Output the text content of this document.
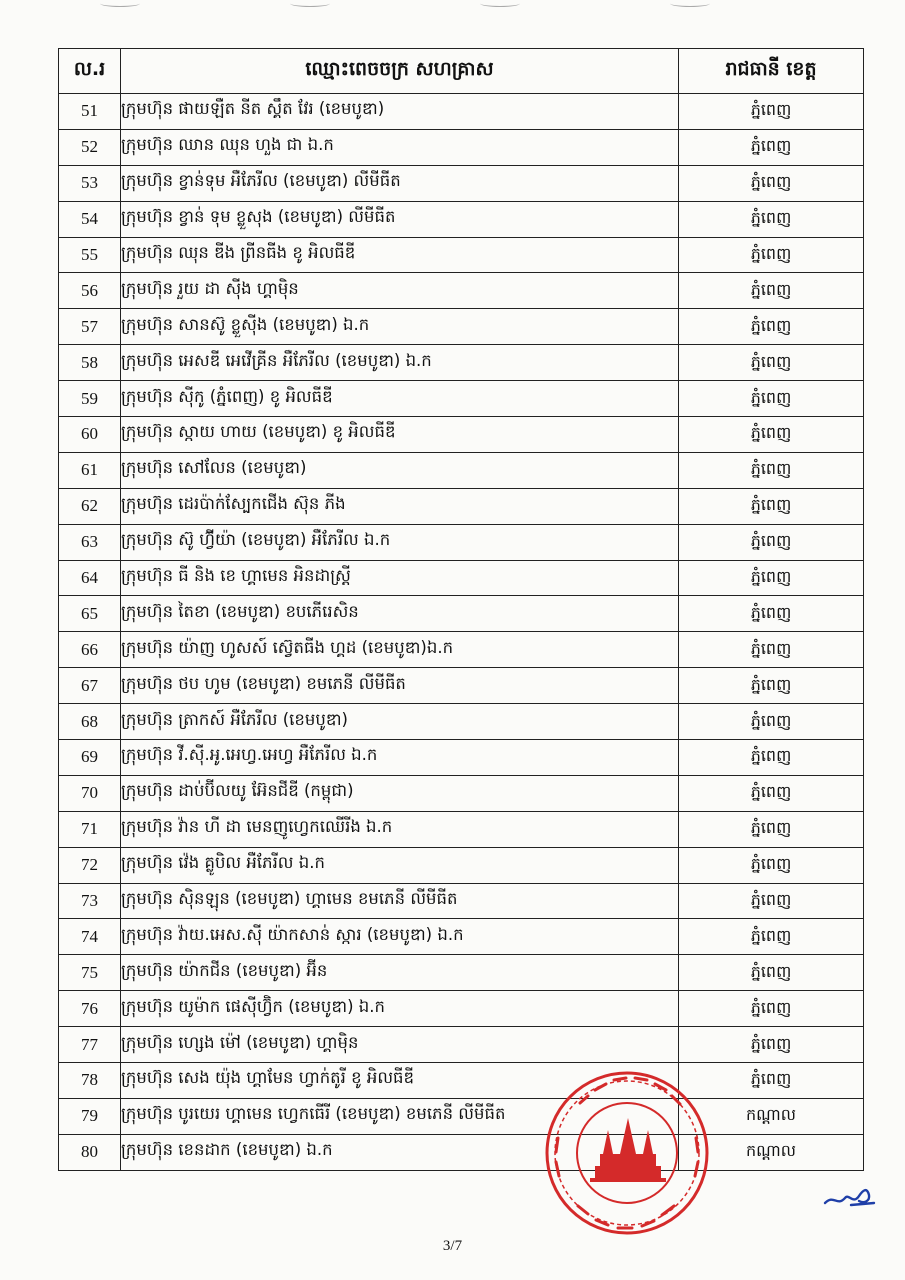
ល.រ	ឈ្មោះពេចចក្រ សហគ្រាស	រាជធានី ខេត្ត
51	ក្រុមហ៊ុន ផាយឡឺត នីត ស្គឹត វែរ (ខេមបូឌា)	ភ្នំពេញ
52	ក្រុមហ៊ុន ឈាន ឈុន ហួង ជា ឯ.ក	ភ្នំពេញ
53	ក្រុមហ៊ុន ខ្វាន់ទុម អឺភែរីល (ខេមបូឌា) លីមីធីត	ភ្នំពេញ
54	ក្រុមហ៊ុន ខ្វាន់ ទុម ខ្លួសុង (ខេមបូឌា) លីមីធីត	ភ្នំពេញ
55	ក្រុមហ៊ុន ឈុន ឌីង ព្រីនធីង ខូ អិលធីឌី	ភ្នំពេញ
56	ក្រុមហ៊ុន រួយ ដា ស៊ីង ហ្គាម៉ិន	ភ្នំពេញ
57	ក្រុមហ៊ុន សានស៊ូ ខ្លួស៊ីង (ខេមបូឌា) ឯ.ក	ភ្នំពេញ
58	ក្រុមហ៊ុន អេសឌី អេវើគ្រីន អឺភែរីល (ខេមបូឌា) ឯ.ក	ភ្នំពេញ
59	ក្រុមហ៊ុន ស៊ីកូ (ភ្នំពេញ) ខូ អិលធីឌី	ភ្នំពេញ
60	ក្រុមហ៊ុន ស្កាយ ហាយ (ខេមបូឌា) ខូ អិលធីឌី	ភ្នំពេញ
61	ក្រុមហ៊ុន សៅលែន (ខេមបូឌា)	ភ្នំពេញ
62	ក្រុមហ៊ុន ដេរប៉ាក់ស្បែកជើង ស៊ុន ភីង	ភ្នំពេញ
63	ក្រុមហ៊ុន ស៊ូ ហ៊្វីយ៉ា (ខេមបូឌា) អឺភែរីល ឯ.ក	ភ្នំពេញ
64	ក្រុមហ៊ុន ធី និង ខេ ហ្គាមេន អិនដាស្ត្រី	ភ្នំពេញ
65	ក្រុមហ៊ុន តៃខា (ខេមបូឌា) ខបភើរេសិន	ភ្នំពេញ
66	ក្រុមហ៊ុន យ៉ាញ ហូសស៍ ស្វ៊េតធីង ហ្គដ (ខេមបូឌា)ឯ.ក	ភ្នំពេញ
67	ក្រុមហ៊ុន ថប ហូម (ខេមបូឌា) ខមភេនី លីមីធីត	ភ្នំពេញ
68	ក្រុមហ៊ុន ត្រាកស៍ អឺភែរីល (ខេមបូឌា)	ភ្នំពេញ
69	ក្រុមហ៊ុន វី.ស៊ី.អូ.អេហ្វ.អេហ្វ អឺភែរីល ឯ.ក	ភ្នំពេញ
70	ក្រុមហ៊ុន ដាប់ប៊ីលយូ អ៊ែនជីឌី (កម្ពុជា)	ភ្នំពេញ
71	ក្រុមហ៊ុន វ៉ាន ហី ដា មេនញូហ្វេកឈើរីង ឯ.ក	ភ្នំពេញ
72	ក្រុមហ៊ុន វ៉េង គ្លូបិល អឺភែរីល ឯ.ក	ភ្នំពេញ
73	ក្រុមហ៊ុន ស៊ិនឡុន (ខេមបូឌា) ហ្គាមេន ខមភេនី លីមីធីត	ភ្នំពេញ
74	ក្រុមហ៊ុន វ៉ាយ.អេស.ស៊ី យ៉ាកសាន់ ស្ការ (ខេមបូឌា) ឯ.ក	ភ្នំពេញ
75	ក្រុមហ៊ុន យ៉ាកជីន (ខេមបូឌា) អ៊ីន	ភ្នំពេញ
76	ក្រុមហ៊ុន យូម៉ាក ផេស៊ីហ្វ៊ិក (ខេមបូឌា) ឯ.ក	ភ្នំពេញ
77	ក្រុមហ៊ុន ហ្សេង ម៉ៅ (ខេមបូឌា) ហ្គាម៉ិន	ភ្នំពេញ
78	ក្រុមហ៊ុន សេង យ៉ុង ហ្គាមែន ហ្វាក់តូរី ខូ អិលធីឌី	ភ្នំពេញ
79	ក្រុមហ៊ុន បូរយេរ ហ្គាមេន ហ្វេកធើរី (ខេមបូឌា) ខមភេនី លីមីធីត	កណ្ដាល
80	ក្រុមហ៊ុន ខេនដាក (ខេមបូឌា) ឯ.ក	កណ្ដាល
3/7
